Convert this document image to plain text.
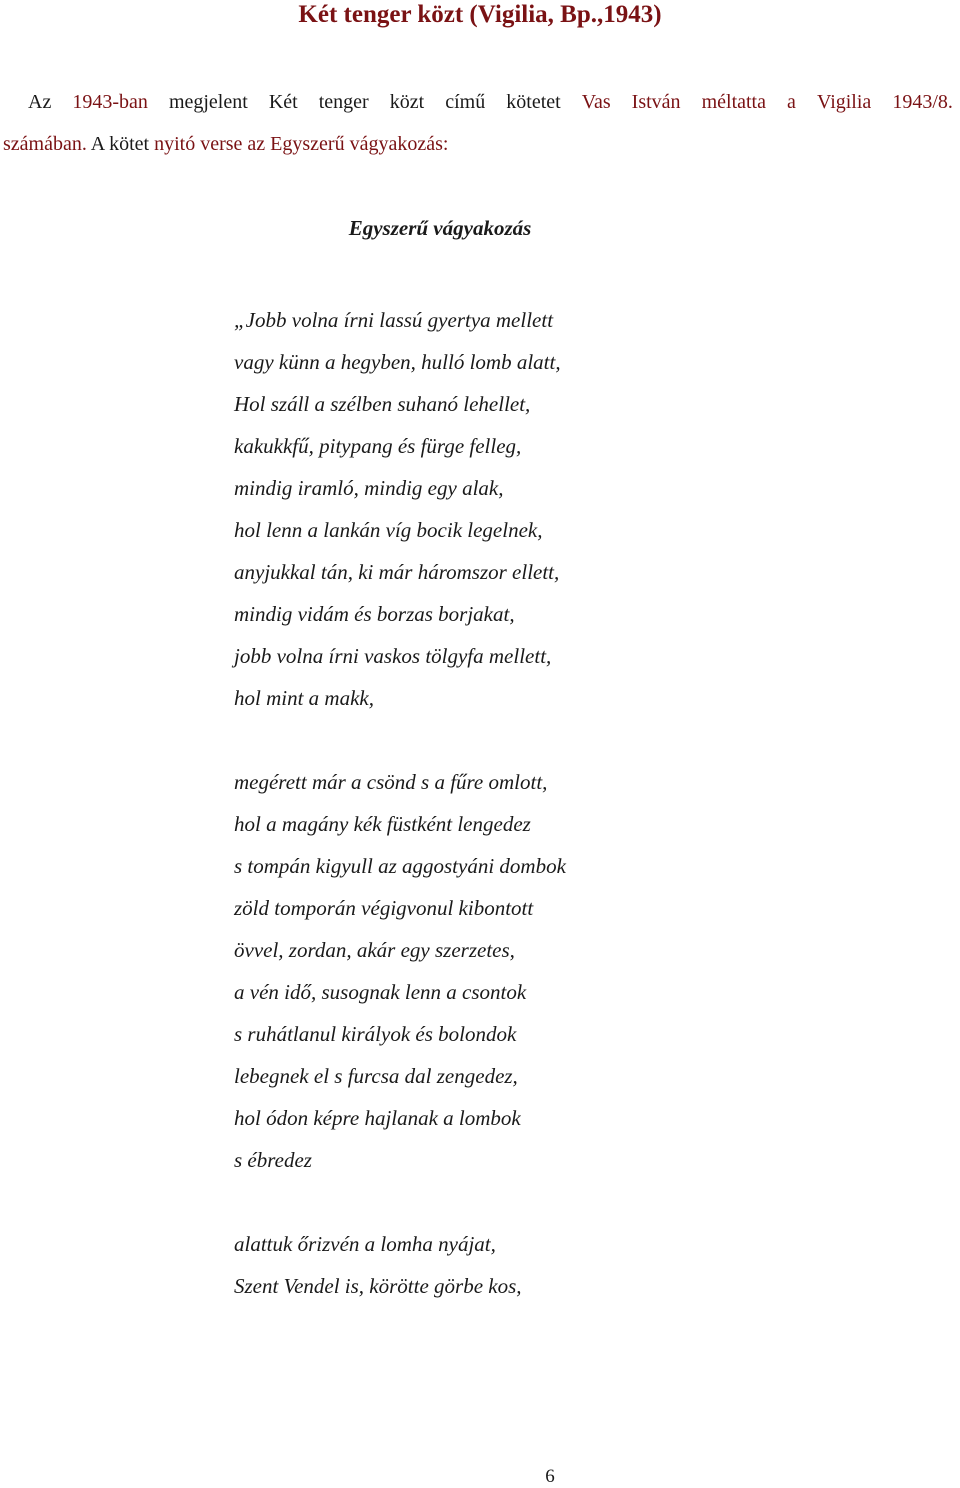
Két tenger közt (Vigilia, Bp.,1943)
Az 1943-ban megjelent Két tenger közt című kötetet Vas István méltatta a Vigilia 1943/8.
számában. A kötet nyitó verse az Egyszerű vágyakozás:
Egyszerű vágyakozás
„Jobb volna írni lassú gyertya mellett
vagy künn a hegyben, hulló lomb alatt,
Hol száll a szélben suhanó lehellet,
kakukkfű, pitypang és fürge felleg,
mindig iramló, mindig egy alak,
hol lenn a lankán víg bocik legelnek,
anyjukkal tán, ki már háromszor ellett,
mindig vidám és borzas borjakat,
jobb volna írni vaskos tölgyfa mellett,
hol mint a makk,
megérett már a csönd s a fűre omlott,
hol a magány kék füstként lengedez
s tompán kigyull az aggostyáni dombok
zöld tomporán végigvonul kibontott
övvel, zordan, akár egy szerzetes,
a vén idő, susognak lenn a csontok
s ruhátlanul királyok és bolondok
lebegnek el s furcsa dal zengedez,
hol ódon képre hajlanak a lombok
s ébredez
alattuk őrizvén a lomha nyájat,
Szent Vendel is, körötte görbe kos,
6
